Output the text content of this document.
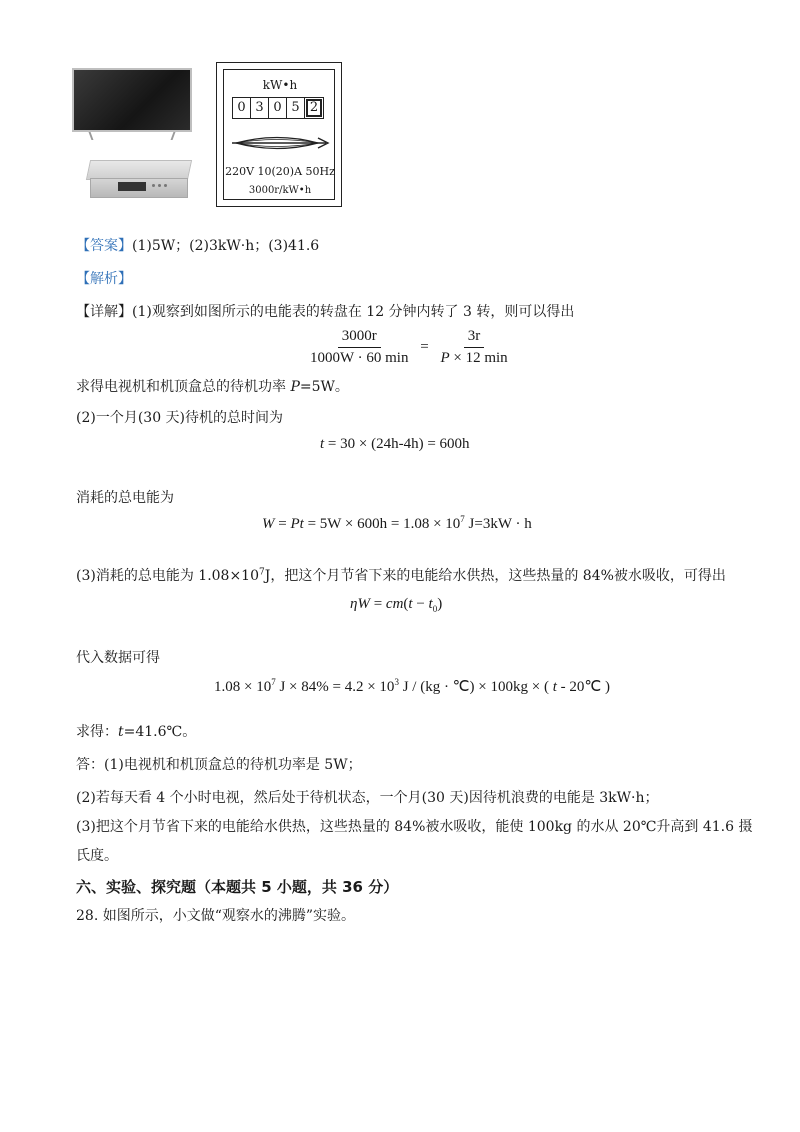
kW•h
0 3 0 5 2
220V 10(20)A 50Hz
3000r/kW•h
【答案】(1)5W；(2)3kW·h；(3)41.6
【解析】
【详解】(1)观察到如图所示的电能表的转盘在 12 分钟内转了 3 转，则可以得出
$\frac{3000r}{1000W \cdot 60 \min} = \frac{3r}{P \times 12 \min}$
求得电视机和机顶盒总的待机功率 P=5W。
(2)一个月(30 天)待机的总时间为
t = 30 × (24h-4h) = 600h
消耗的总电能为
$W = Pt = 5W \times 600h = 1.08 \times 10^7$ J=3kW · h
(3)消耗的总电能为 $1.08\times 10^7J$，把这个月节省下来的电能给水供热，这些热量的 84%被水吸收，可得出
$\eta W = cm(t - t_0)$
代入数据可得
$1.08 \times 10^7$ $J \times 84\% = 4.2 \times 10^3$ J / (kg · ℃) × 100kg × ( t - 20℃ )
求得：t=41.6℃。
答：(1)电视机和机顶盒总的待机功率是 5W；
(2)若每天看 4 个小时电视，然后处于待机状态，一个月(30 天)因待机浪费的电能是 3kW·h；
(3)把这个月节省下来的电能给水供热，这些热量的 84%被水吸收，能使 100kg 的水从 20℃升高到 41.6 摄
氏度。
六、实验、探究题（本题共 5 小题，共 36 分）
28. 如图所示，小文做“观察水的沸腾”实验。
